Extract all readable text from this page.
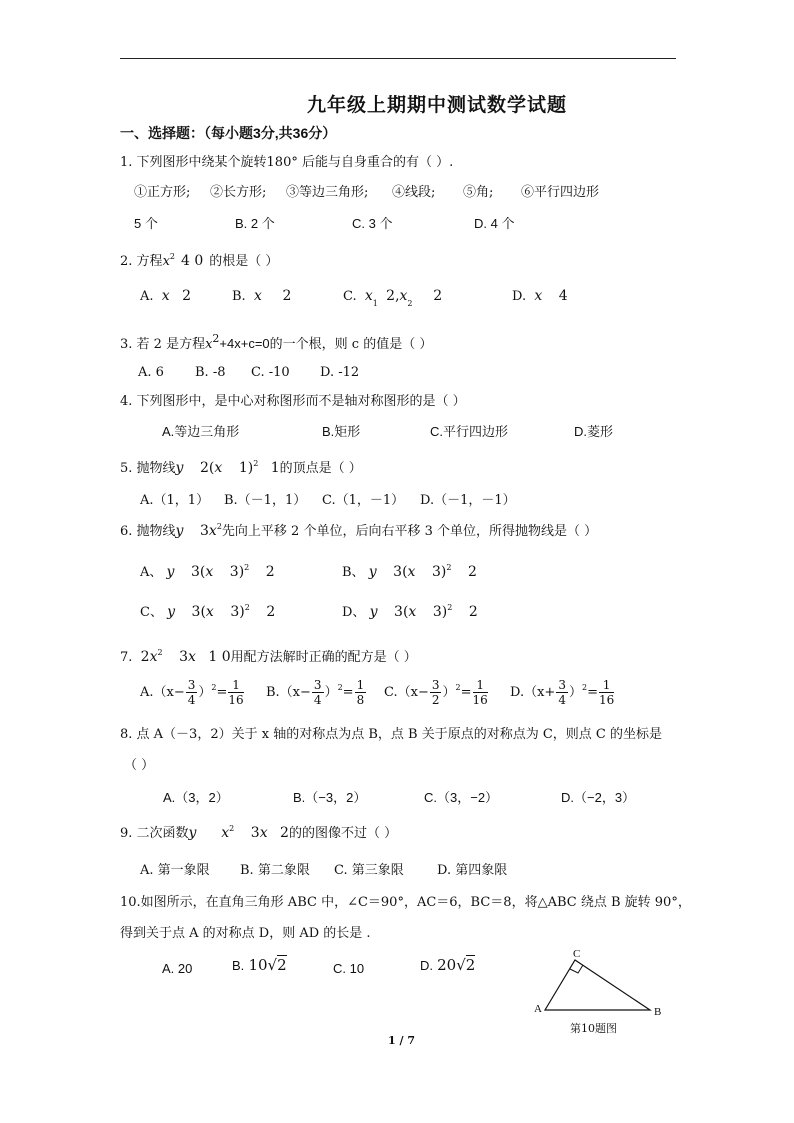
九年级上期期中测试数学试题
一、选择题：（每小题3分,共36分）
1. 下列图形中绕某个旋转180° 后能与自身重合的有（ ）.
①正方形; ②长方形; ③等边三角形; ④线段; ⑤角; ⑥平行四边形
5 个	B. 2 个	C. 3 个	D. 4 个
2. 方程$x^2$ 4 0 的根是（ ）
A. x 2	B. x 2	C. $x_1$ $2,x_2$ 2	D. x 4
3. 若 2 是方程$x^2+4x+c=0$的一个根，则 c 的值是（ ）
A. 6 B. -8 C. -10 D. -12
4. 下列图形中，是中心对称图形而不是轴对称图形的是（ ）
A.等边三角形	B.矩形	C.平行四边形	D.菱形
5. 抛物线y 2(x 1)$^2$ 1的顶点是（ ）
A.（1，1） B.（－1，1） C.（1，－1） D.（－1，－1）
6. 抛物线y $3x^2$先向上平移 2 个单位，后向右平移 3 个单位，所得抛物线是（ ）
A、 y 3(x 3)$^2$ 2	B、 y 3(x 3)$^2$ 2
C、 y 3(x 3)$^2$ 2	D、 y 3(x 3)$^2$ 2
7. $2x^2$ 3x 1 0用配方法解时正确的配方是（ ）
$A.(x- \frac{3}{4} )^2= \frac{1}{16} B.(x- \frac{3}{4} )^2= \frac{1}{8} C.(x- \frac{3}{2} )^2= \frac{1}{16} D.(x+ \frac{3}{4} )^2= \frac{1}{16}$
8. 点 A（－3，2）关于 x 轴的对称点为点 B，点 B 关于原点的对称点为 C，则点 C 的坐标是
（ ）
A.（3，2）	B.（−3，2）	C.（3，−2）	D.（−2，3）
9. 二次函数y $x^2$ 3x 2的的图像不过（ ）
A. 第一象限 B. 第二象限 C. 第三象限	D. 第四象限
10.如图所示，在直角三角形 ABC 中，∠C＝90°，AC＝6，BC＝8，将△ABC 绕点 B 旋转 90°，
得到关于点 A 的对称点 D，则 AD 的长是 .
A. 20	B. 10√2	C. 10	D. 20√2
C
A	B
第10题图
1 / 7
